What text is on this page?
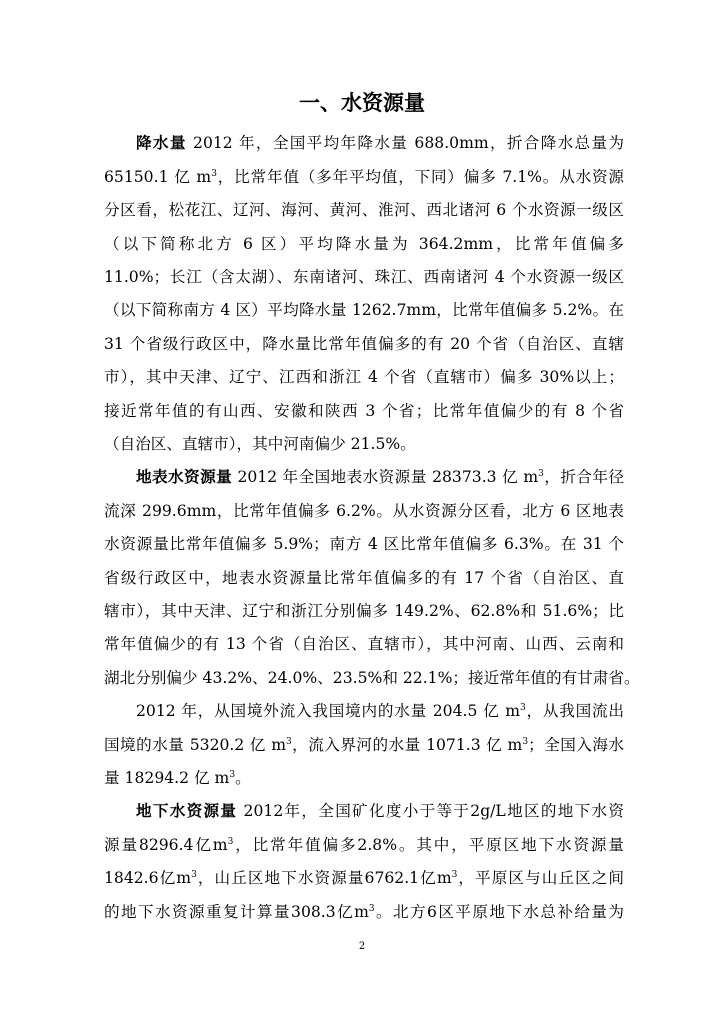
一、水资源量
降水量 2012 年，全国平均年降水量 688.0mm，折合降水总量为
65150.1 亿 $m^3$，比常年值（多年平均值，下同）偏多 7.1%。从水资源
分区看，松花江、辽河、海河、黄河、淮河、西北诸河 6 个水资源一级区
（以下简称北方 6 区）平均降水量为 364.2mm，比常年值偏多
11.0%；长江（含太湖）、东南诸河、珠江、西南诸河 4 个水资源一级区
（以下简称南方 4 区）平均降水量 1262.7mm，比常年值偏多 5.2%。在
31 个省级行政区中，降水量比常年值偏多的有 20 个省（自治区、直辖
市），其中天津、辽宁、江西和浙江 4 个省（直辖市）偏多 30%以上；
接近常年值的有山西、安徽和陕西 3 个省；比常年值偏少的有 8 个省
（自治区、直辖市），其中河南偏少 21.5%。
地表水资源量 2012 年全国地表水资源量 28373.3 亿 $m^3$，折合年径
流深 299.6mm，比常年值偏多 6.2%。从水资源分区看，北方 6 区地表
水资源量比常年值偏多 5.9%；南方 4 区比常年值偏多 6.3%。在 31 个
省级行政区中，地表水资源量比常年值偏多的有 17 个省（自治区、直
辖市），其中天津、辽宁和浙江分别偏多 149.2%、62.8%和 51.6%；比
常年值偏少的有 13 个省（自治区、直辖市），其中河南、山西、云南和
湖北分别偏少 43.2%、24.0%、23.5%和 22.1%；接近常年值的有甘肃省。
2012 年，从国境外流入我国境内的水量 204.5 亿 $m^3$，从我国流出
国境的水量 5320.2 亿 $m^3$，流入界河的水量 1071.3 亿 $m^3$；全国入海水
量 18294.2 亿 $m^3$。
地下水资源量 2012年，全国矿化度小于等于2g/L地区的地下水资
源量8296.4亿$m^3$，比常年值偏多2.8%。其中，平原区地下水资源量
1842.6亿$m^3$，山丘区地下水资源量6762.1亿$m^3$，平原区与山丘区之间
的地下水资源重复计算量308.3亿$m^3$。北方6区平原地下水总补给量为
2
